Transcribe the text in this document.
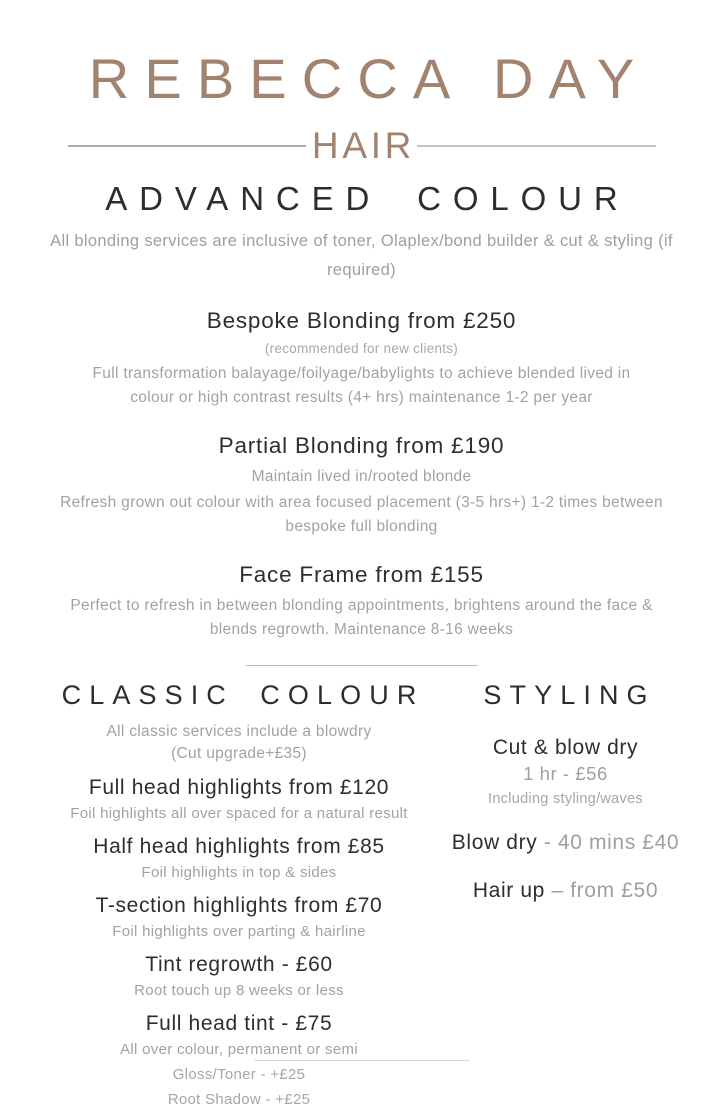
REBECCA DAY
HAIR
ADVANCED COLOUR

All blonding services are inclusive of toner, Olaplex/bond builder & cut & styling (if required)

Bespoke Blonding from £250

(recommended for new clients)

Full transformation balayage/foilyage/babylights to achieve blended lived in colour or high contrast results (4+ hrs) maintenance 1-2 per year

Partial Blonding from £190

Maintain lived in/rooted blonde

Refresh grown out colour with area focused placement (3-5 hrs+) 1-2 times between bespoke full blonding

Face Frame from £155

Perfect to refresh in between blonding appointments, brightens around the face & blends regrowth. Maintenance 8-16 weeks

CLASSIC COLOUR

All classic services include a blowdry

(Cut upgrade+£35)

Full head highlights from £120

Foil highlights all over spaced for a natural result

Half head highlights from £85

Foil highlights in top & sides

T-section highlights from £70

Foil highlights over parting & hairline

Tint regrowth - £60

Root touch up 8 weeks or less

Full head tint - £75

All over colour, permanent or semi

Gloss/Toner - +£25

Root Shadow - +£25

STYLING
Cut & blow dry

1 hr - £56

Including styling/waves

Blow dry - 40 mins £40

Hair up – from £50
